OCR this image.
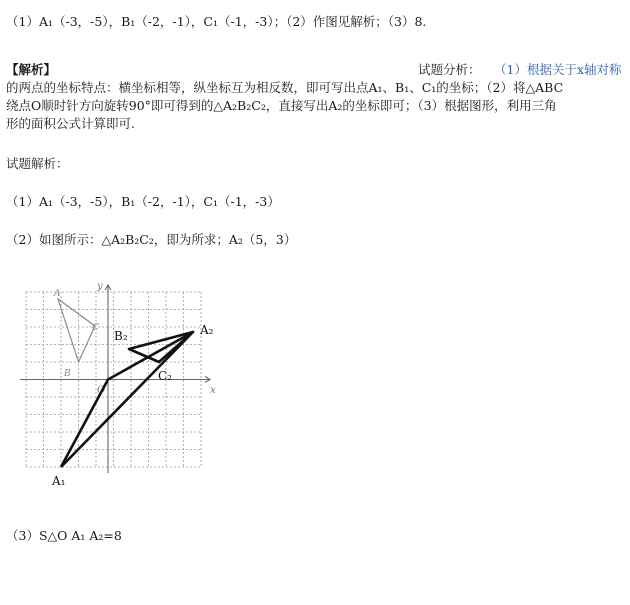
（1）A₁（-3，-5），B₁（-2，-1），C₁（-1，-3）；（2）作图见解析；（3）8.
【解析】	试题分析： （1）根据关于x轴对称
的两点的坐标特点：横坐标相等，纵坐标互为相反数，即可写出点A₁、B₁、C₁的坐标；（2）将△ABC
绕点O顺时针方向旋转90°即可得到的△A₂B₂C₂，直接写出A₂的坐标即可；（3）根据图形，利用三角
形的面积公式计算即可.
试题解析：
（1）A₁（-3，-5），B₁（-2，-1），C₁（-1，-3）
（2）如图所示：△A₂B₂C₂，即为所求；A₂（5，3）
x
y
O
A
B
C	A₂
B₂
C₂
A₁
（3）S△O A₁ A₂=8
